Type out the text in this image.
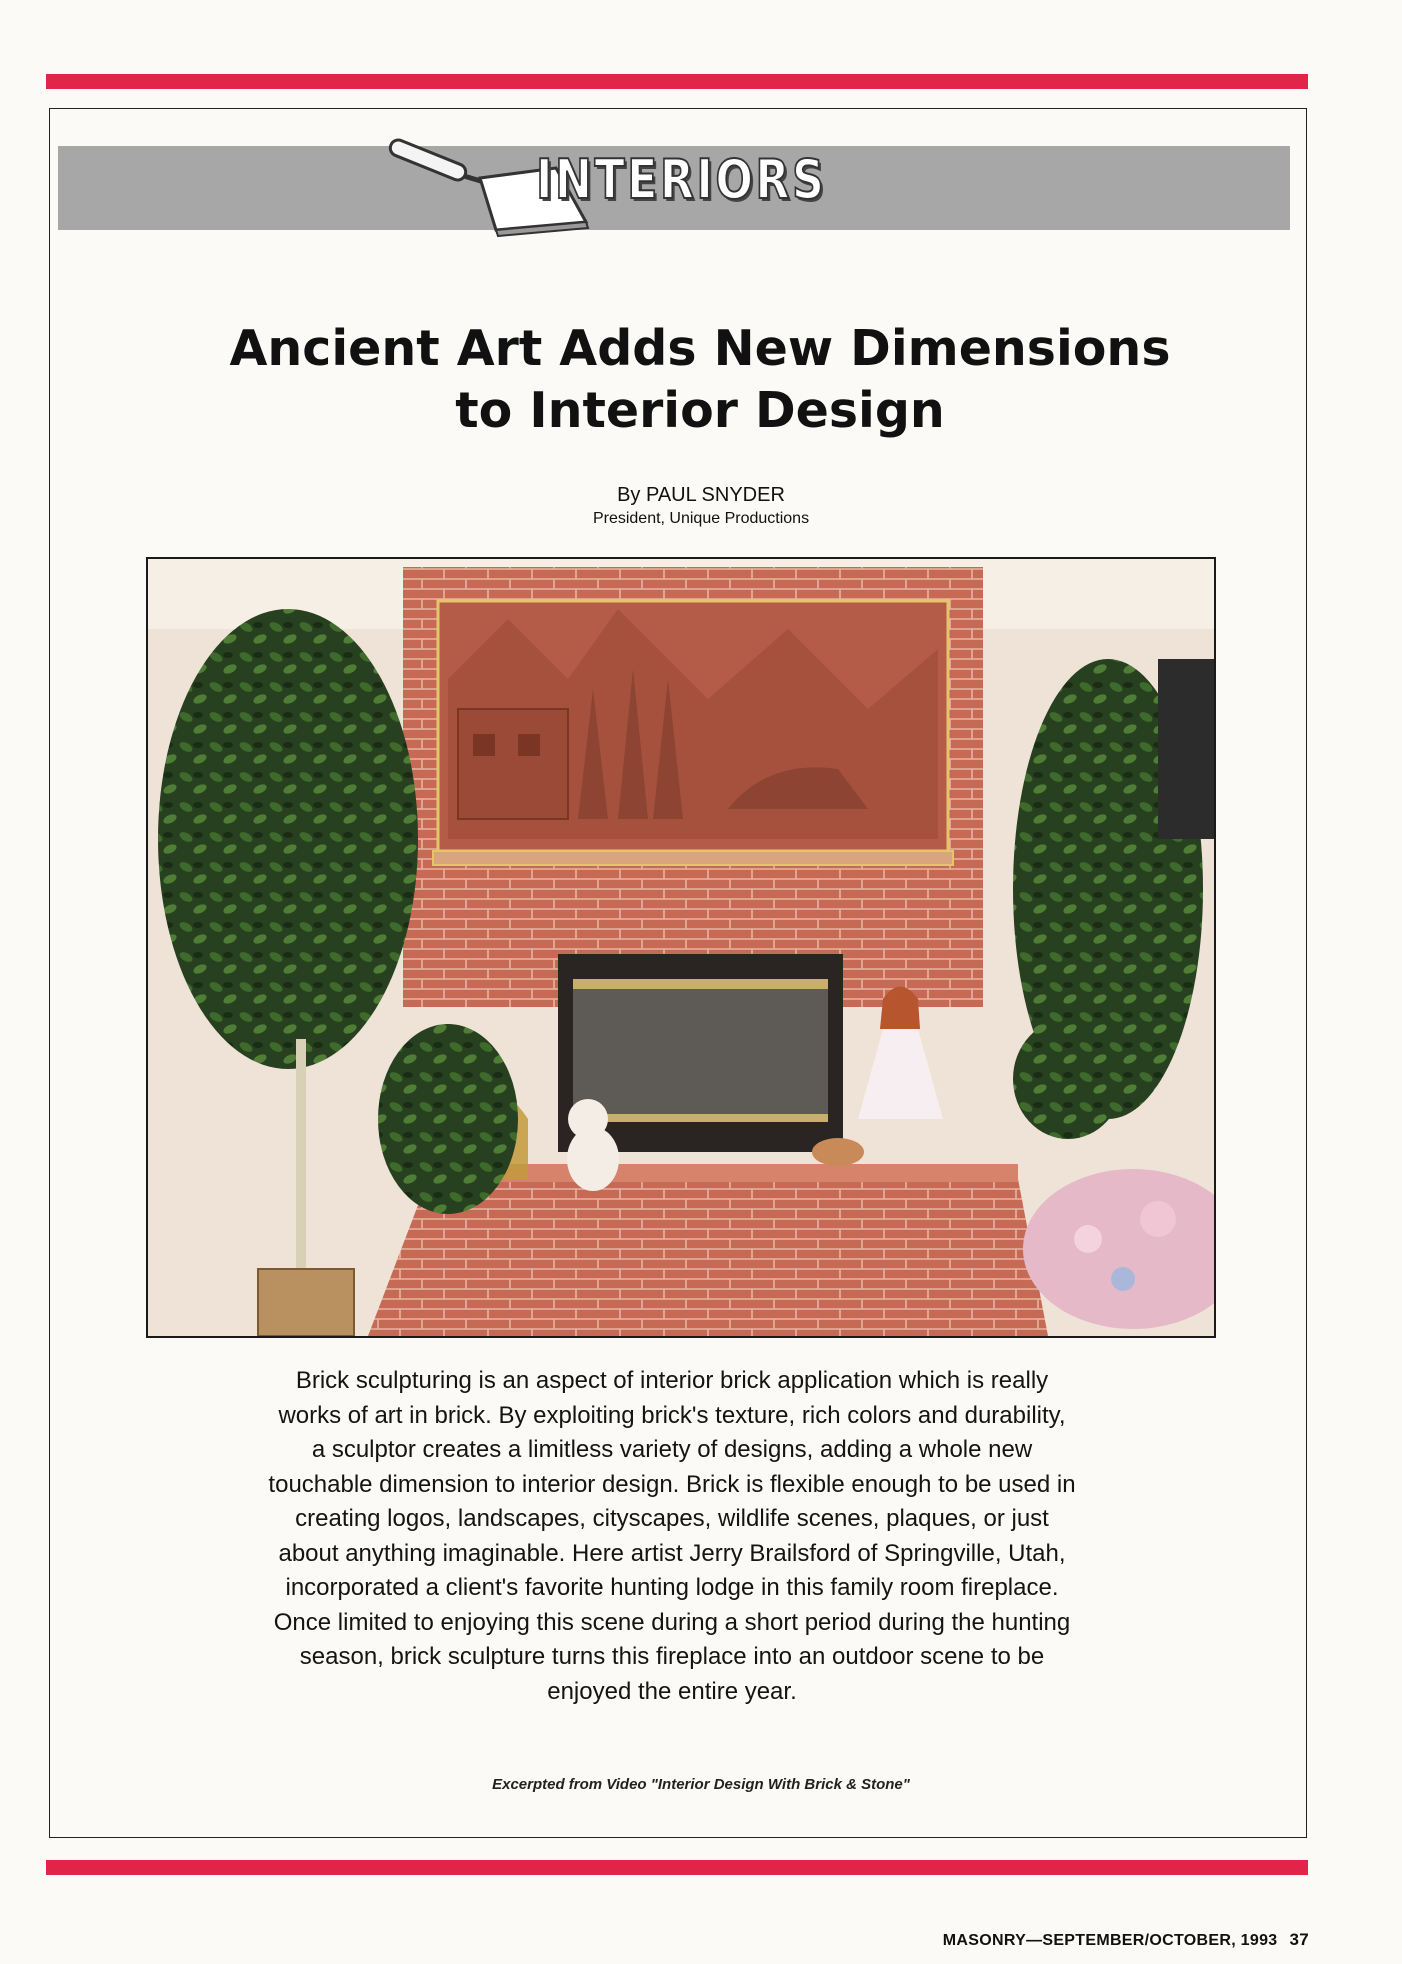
INTERIORS
Ancient Art Adds New Dimensions
to Interior Design
By PAUL SNYDER
President, Unique Productions

Brick sculpturing is an aspect of interior brick application which is really
works of art in brick. By exploiting brick's texture, rich colors and durability,
a sculptor creates a limitless variety of designs, adding a whole new
touchable dimension to interior design. Brick is flexible enough to be used in
creating logos, landscapes, cityscapes, wildlife scenes, plaques, or just
about anything imaginable. Here artist Jerry Brailsford of Springville, Utah,
incorporated a client's favorite hunting lodge in this family room fireplace.
Once limited to enjoying this scene during a short period during the hunting
season, brick sculpture turns this fireplace into an outdoor scene to be
enjoyed the entire year.

Excerpted from Video "Interior Design With Brick & Stone"
MASONRY—SEPTEMBER/OCTOBER, 1993 37
